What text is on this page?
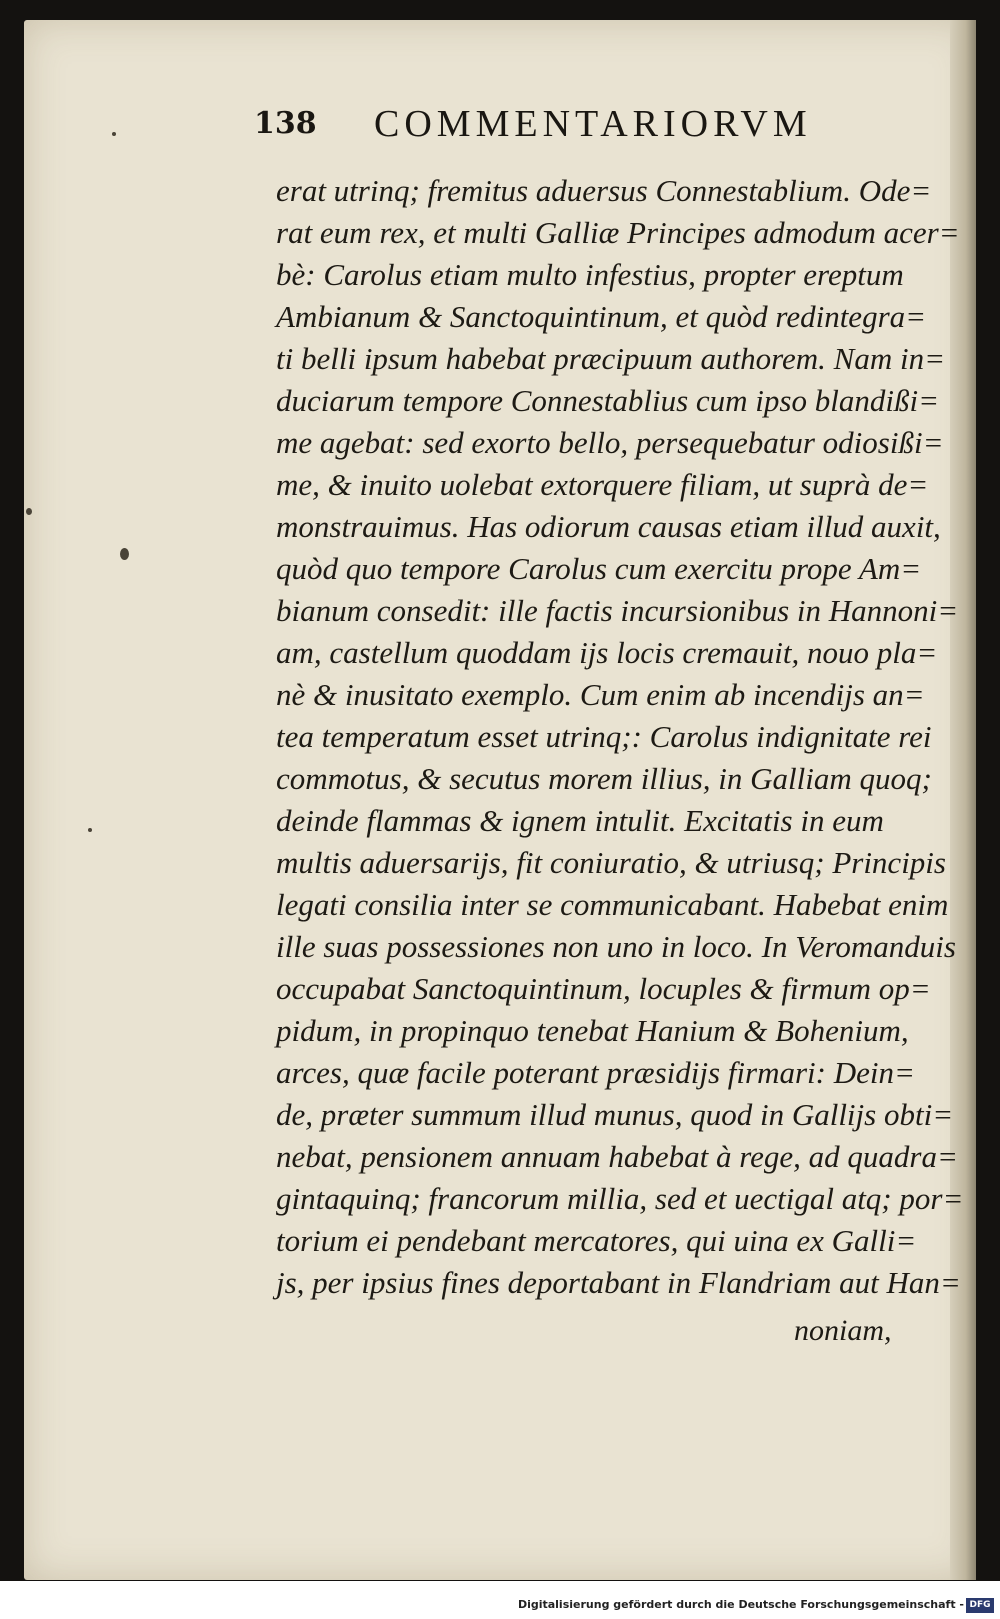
138 COMMENTARIORVM
erat utrinq; fremitus aduersus Connestablium. Ode=
rat eum rex, et multi Galliæ Principes admodum acer=
bè: Carolus etiam multo infestius, propter ereptum
Ambianum & Sanctoquintinum, et quòd redintegra=
ti belli ipsum habebat præcipuum authorem. Nam in=
duciarum tempore Connestablius cum ipso blandißi=
me agebat: sed exorto bello, persequebatur odiosißi=
me, & inuito uolebat extorquere filiam, ut suprà de=
monstrauimus. Has odiorum causas etiam illud auxit,
quòd quo tempore Carolus cum exercitu prope Am=
bianum consedit: ille factis incursionibus in Hannoni=
am, castellum quoddam ijs locis cremauit, nouo pla=
nè & inusitato exemplo. Cum enim ab incendijs an=
tea temperatum esset utrinq;: Carolus indignitate rei
commotus, & secutus morem illius, in Galliam quoq;
deinde flammas & ignem intulit. Excitatis in eum
multis aduersarijs, fit coniuratio, & utriusq; Principis
legati consilia inter se communicabant. Habebat enim
ille suas possessiones non uno in loco. In Veromanduis
occupabat Sanctoquintinum, locuples & firmum op=
pidum, in propinquo tenebat Hanium & Bohenium,
arces, quæ facile poterant præsidijs firmari: Dein=
de, præter summum illud munus, quod in Gallijs obti=
nebat, pensionem annuam habebat à rege, ad quadra=
gintaquinq; francorum millia, sed et uectigal atq; por=
torium ei pendebant mercatores, qui uina ex Galli=
js, per ipsius fines deportabant in Flandriam aut Han=
noniam,
Digitalisierung gefördert durch die Deutsche Forschungsgemeinschaft - DFG
